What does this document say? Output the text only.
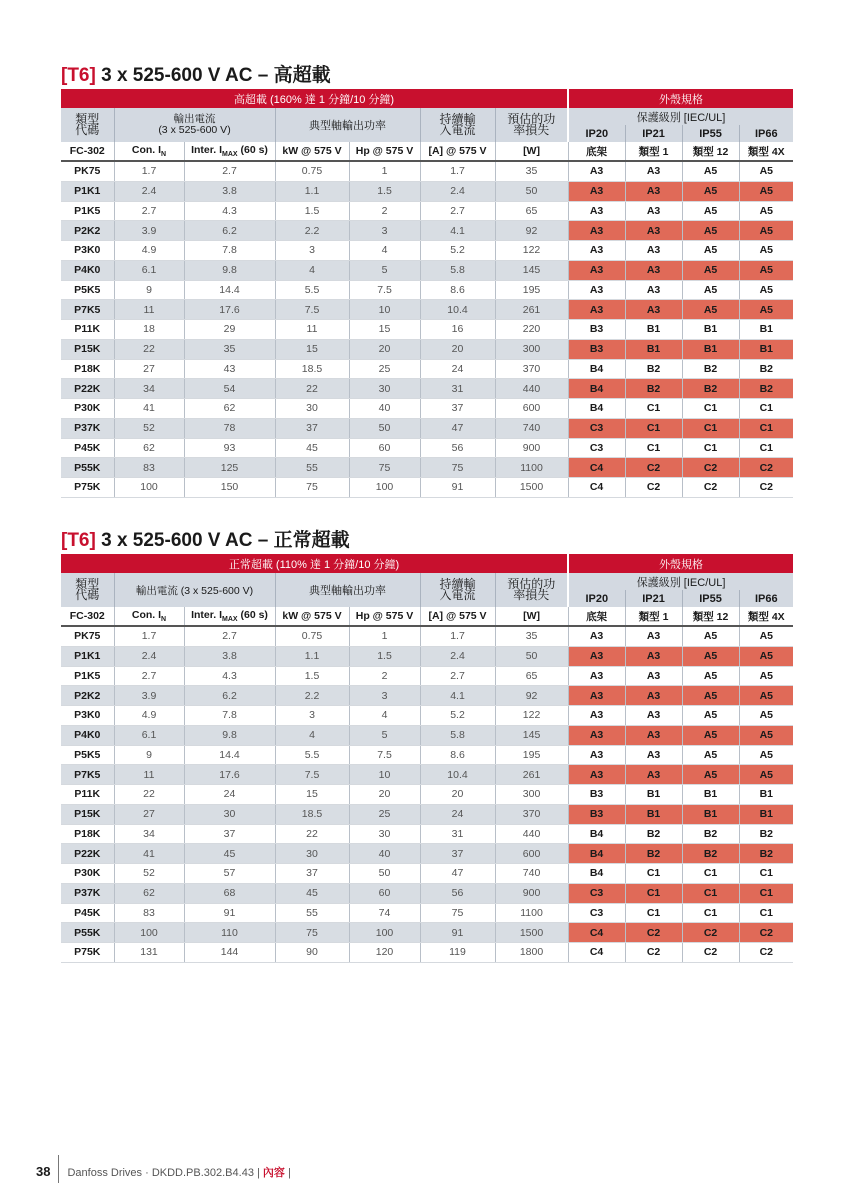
[T6] 3 x 525-600 V AC – 高超載
高超載 (160% 達 1 分鐘/10 分鐘)							外殼規格			
類型
代碼	輸出電流
(3 x 525-600 V)		典型軸輸出功率		持續輸
入電流	預估的功
率損失	保護級別 [IEC/UL]			
							IP20	IP21	IP55	IP66
FC-302	Con. $I_N$	Inter. $I_{MAX}$ (60 s)	kW @ 575 V	Hp @ 575 V	[A] @ 575 V	[W]	底架	類型 1	類型 12	類型 4X
PK75	1.7	2.7	0.75	1	1.7	35	A3	A3	A5	A5
P1K1	2.4	3.8	1.1	1.5	2.4	50	A3	A3	A5	A5
P1K5	2.7	4.3	1.5	2	2.7	65	A3	A3	A5	A5
P2K2	3.9	6.2	2.2	3	4.1	92	A3	A3	A5	A5
P3K0	4.9	7.8	3	4	5.2	122	A3	A3	A5	A5
P4K0	6.1	9.8	4	5	5.8	145	A3	A3	A5	A5
P5K5	9	14.4	5.5	7.5	8.6	195	A3	A3	A5	A5
P7K5	11	17.6	7.5	10	10.4	261	A3	A3	A5	A5
P11K	18	29	11	15	16	220	B3	B1	B1	B1
P15K	22	35	15	20	20	300	B3	B1	B1	B1
P18K	27	43	18.5	25	24	370	B4	B2	B2	B2
P22K	34	54	22	30	31	440	B4	B2	B2	B2
P30K	41	62	30	40	37	600	B4	C1	C1	C1
P37K	52	78	37	50	47	740	C3	C1	C1	C1
P45K	62	93	45	60	56	900	C3	C1	C1	C1
P55K	83	125	55	75	75	1100	C4	C2	C2	C2
P75K	100	150	75	100	91	1500	C4	C2	C2	C2
[T6] 3 x 525-600 V AC – 正常超載
正常超載 (110% 達 1 分鐘/10 分鐘)							外殼規格			
類型
代碼	輸出電流 (3 x 525-600 V)		典型軸輸出功率		持續輸
入電流	預估的功
率損失	保護級別 [IEC/UL]			
							IP20	IP21	IP55	IP66
FC-302	Con. $I_N$	Inter. $I_{MAX}$ (60 s)	kW @ 575 V	Hp @ 575 V	[A] @ 575 V	[W]	底架	類型 1	類型 12	類型 4X
PK75	1.7	2.7	0.75	1	1.7	35	A3	A3	A5	A5
P1K1	2.4	3.8	1.1	1.5	2.4	50	A3	A3	A5	A5
P1K5	2.7	4.3	1.5	2	2.7	65	A3	A3	A5	A5
P2K2	3.9	6.2	2.2	3	4.1	92	A3	A3	A5	A5
P3K0	4.9	7.8	3	4	5.2	122	A3	A3	A5	A5
P4K0	6.1	9.8	4	5	5.8	145	A3	A3	A5	A5
P5K5	9	14.4	5.5	7.5	8.6	195	A3	A3	A5	A5
P7K5	11	17.6	7.5	10	10.4	261	A3	A3	A5	A5
P11K	22	24	15	20	20	300	B3	B1	B1	B1
P15K	27	30	18.5	25	24	370	B3	B1	B1	B1
P18K	34	37	22	30	31	440	B4	B2	B2	B2
P22K	41	45	30	40	37	600	B4	B2	B2	B2
P30K	52	57	37	50	47	740	B4	C1	C1	C1
P37K	62	68	45	60	56	900	C3	C1	C1	C1
P45K	83	91	55	74	75	1100	C3	C1	C1	C1
P55K	100	110	75	100	91	1500	C4	C2	C2	C2
P75K	131	144	90	120	119	1800	C4	C2	C2	C2
38 Danfoss Drives · DKDD.PB.302.B4.43 | 內容 |
